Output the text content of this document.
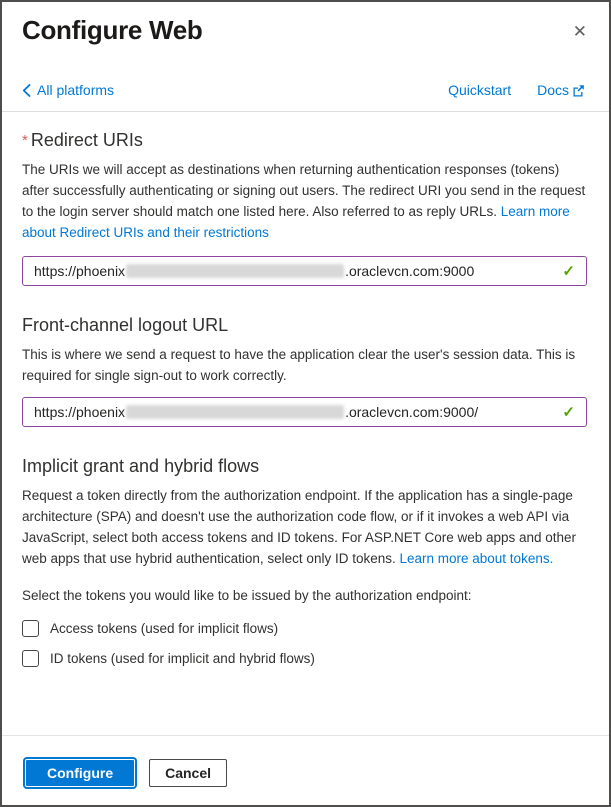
Configure Web	✕
All platforms	Quickstart Docs
* Redirect URIs

The URIs we will accept as destinations when returning authentication responses (tokens) after successfully authenticating or signing out users. The redirect URI you send in the request to the login server should match one listed here. Also referred to as reply URLs. Learn more about Redirect URIs and their restrictions

https://phoenix	.oraclevcn.com:9000	✓
Front-channel logout URL

This is where we send a request to have the application clear the user's session data. This is required for single sign-out to work correctly.

https://phoenix	.oraclevcn.com:9000/	✓
Implicit grant and hybrid flows

Request a token directly from the authorization endpoint. If the application has a single-page architecture (SPA) and doesn't use the authorization code flow, or if it invokes a web API via JavaScript, select both access tokens and ID tokens. For ASP.NET Core web apps and other web apps that use hybrid authentication, select only ID tokens. Learn more about tokens.

Select the tokens you would like to be issued by the authorization endpoint:
Access tokens (used for implicit flows)
ID tokens (used for implicit and hybrid flows)
Configure	Cancel
